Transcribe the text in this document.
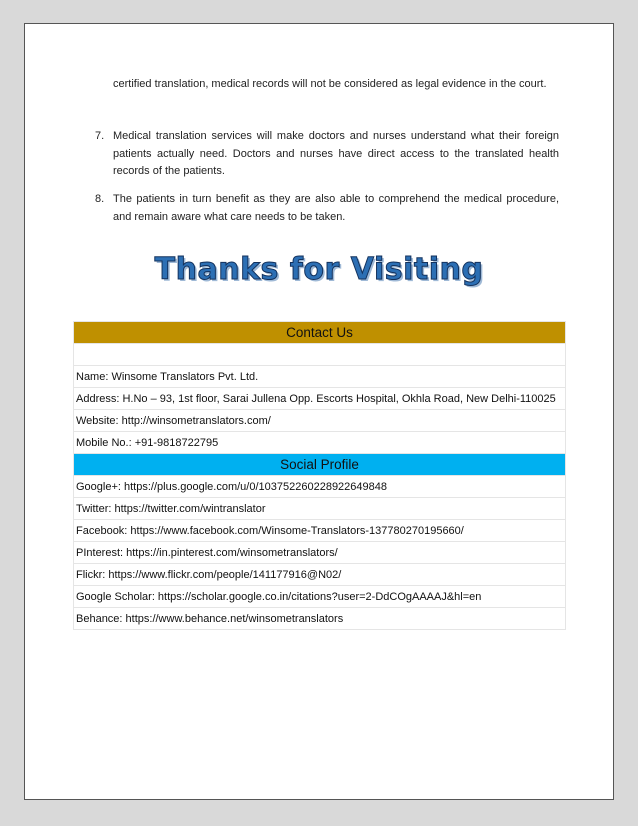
certified translation, medical records will not be considered as legal evidence in the court.
7. Medical translation services will make doctors and nurses understand what their foreign patients actually need. Doctors and nurses have direct access to the translated health records of the patients.
8. The patients in turn benefit as they are also able to comprehend the medical procedure, and remain aware what care needs to be taken.
Thanks for Visiting
Contact Us

Name: Winsome Translators Pvt. Ltd.
Address: H.No – 93, 1st floor, Sarai Jullena Opp. Escorts Hospital, Okhla Road, New Delhi-110025
Website: http://winsometranslators.com/
Mobile No.: +91-9818722795
Social Profile
Google+: https://plus.google.com/u/0/103752260228922649848
Twitter: https://twitter.com/wintranslator
Facebook: https://www.facebook.com/Winsome-Translators-137780270195660/
PInterest: https://in.pinterest.com/winsometranslators/
Flickr: https://www.flickr.com/people/141177916@N02/
Google Scholar: https://scholar.google.co.in/citations?user=2-DdCOgAAAAJ&hl=en
Behance: https://www.behance.net/winsometranslators
